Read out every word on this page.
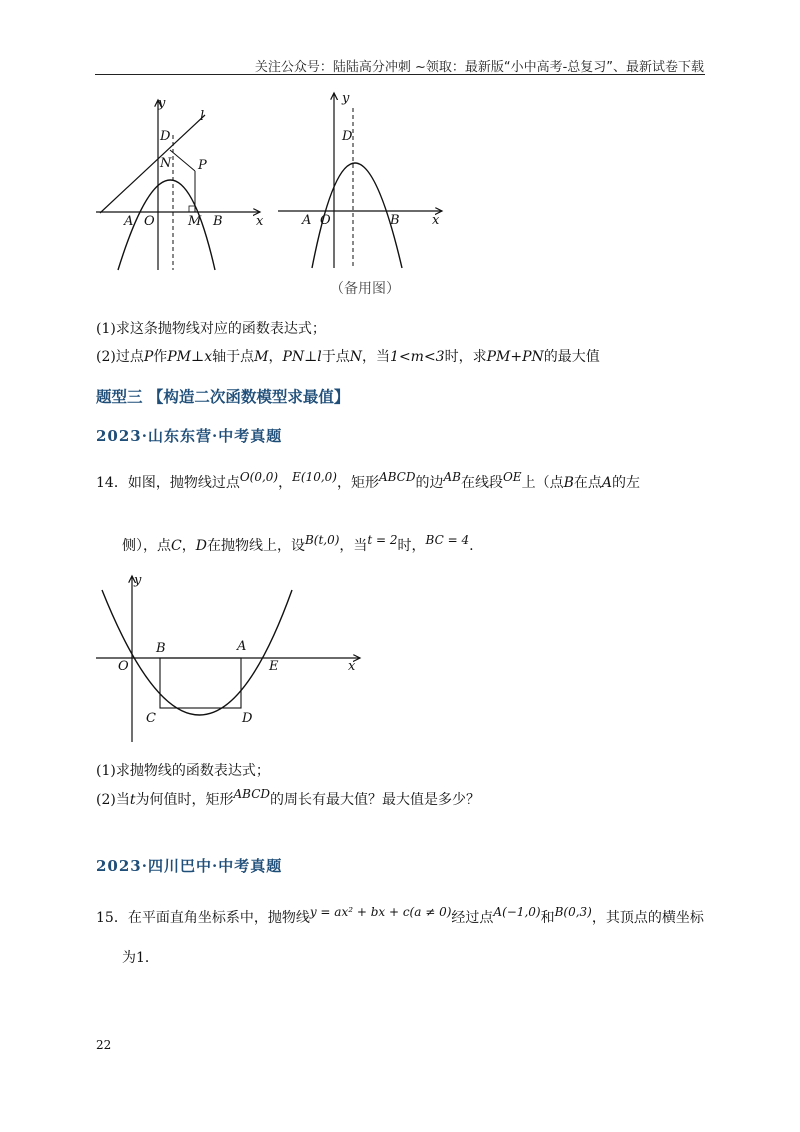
关注公众号：陆陆高分冲刺 ~领取：最新版“小中高考-总复习”、最新试卷下载
y
l
D
N P
A O	M B	x
y
D
A O	B x
（备用图）
(1)求这条抛物线对应的函数表达式；
(2)过点P作PM⊥x轴于点M，PN⊥l于点N，当1<m<3时，求PM+PN的最大值
题型三 【构造二次函数模型求最值】
2023·山东东营·中考真题
14．如图，抛物线过点O(0,0)，E(10,0)，矩形ABCD的边AB在线段OE上（点B在点A的左
侧），点C，D在抛物线上，设B(t,0)，当t = 2时，BC = 4.
y
O
B	A
E	x
C	D
(1)求抛物线的函数表达式；
(2)当t为何值时，矩形ABCD的周长有最大值？最大值是多少？
2023·四川巴中·中考真题
15．在平面直角坐标系中，抛物线y = ax² + bx + c(a ≠ 0)经过点A(−1,0)和B(0,3)，其顶点的横坐标
为1．
22
